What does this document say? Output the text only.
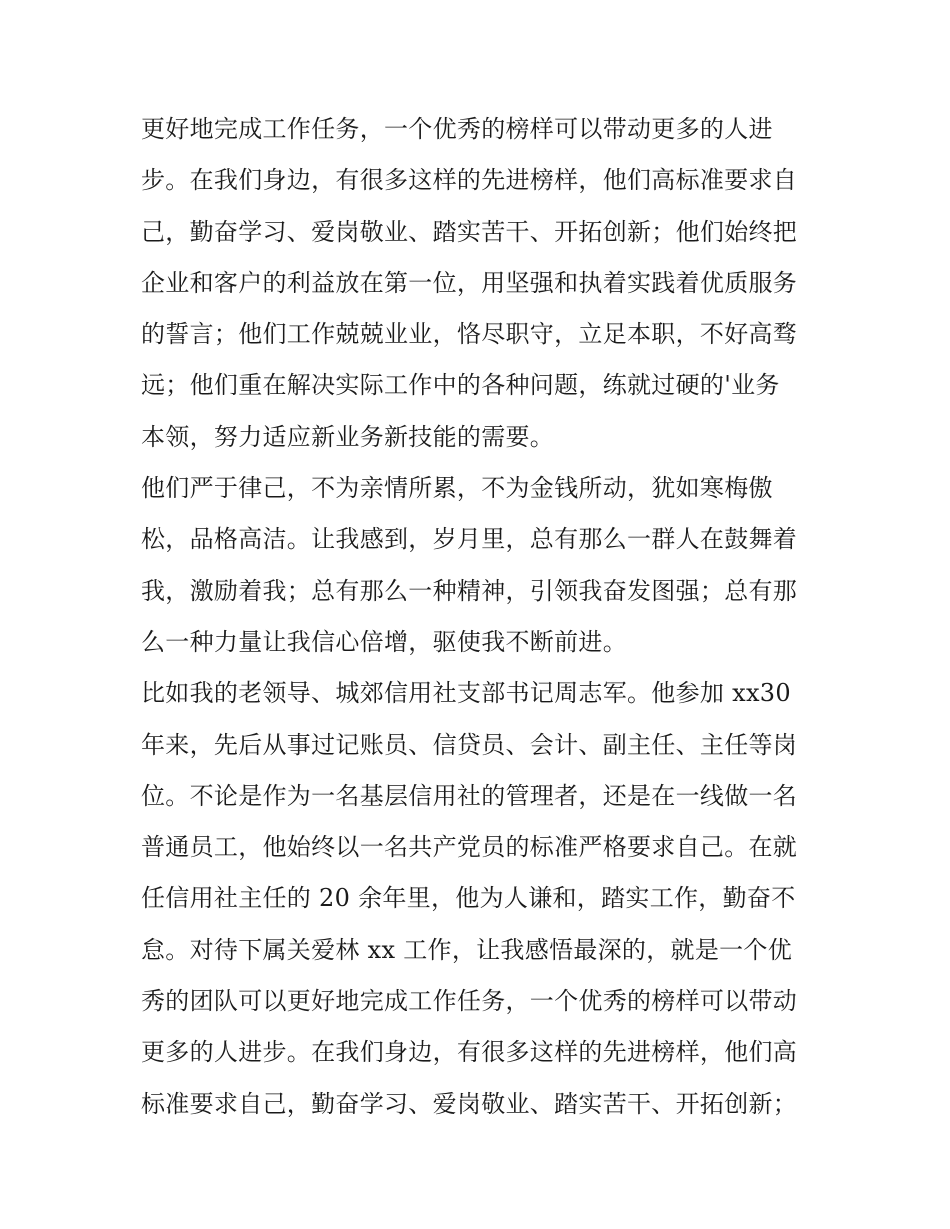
更好地完成工作任务，一个优秀的榜样可以带动更多的人进
步。在我们身边，有很多这样的先进榜样，他们高标准要求自
己，勤奋学习、爱岗敬业、踏实苦干、开拓创新；他们始终把
企业和客户的利益放在第一位，用坚强和执着实践着优质服务
的誓言；他们工作兢兢业业，恪尽职守，立足本职，不好高骛
远；他们重在解决实际工作中的各种问题，练就过硬的'业务
本领，努力适应新业务新技能的需要。
他们严于律己，不为亲情所累，不为金钱所动，犹如寒梅傲
松，品格高洁。让我感到，岁月里，总有那么一群人在鼓舞着
我，激励着我；总有那么一种精神，引领我奋发图强；总有那
么一种力量让我信心倍增，驱使我不断前进。
比如我的老领导、城郊信用社支部书记周志军。他参加 xx30
年来，先后从事过记账员、信贷员、会计、副主任、主任等岗
位。不论是作为一名基层信用社的管理者，还是在一线做一名
普通员工，他始终以一名共产党员的标准严格要求自己。在就
任信用社主任的 20 余年里，他为人谦和，踏实工作，勤奋不
怠。对待下属关爱林 xx 工作，让我感悟最深的，就是一个优
秀的团队可以更好地完成工作任务，一个优秀的榜样可以带动
更多的人进步。在我们身边，有很多这样的先进榜样，他们高
标准要求自己，勤奋学习、爱岗敬业、踏实苦干、开拓创新；
